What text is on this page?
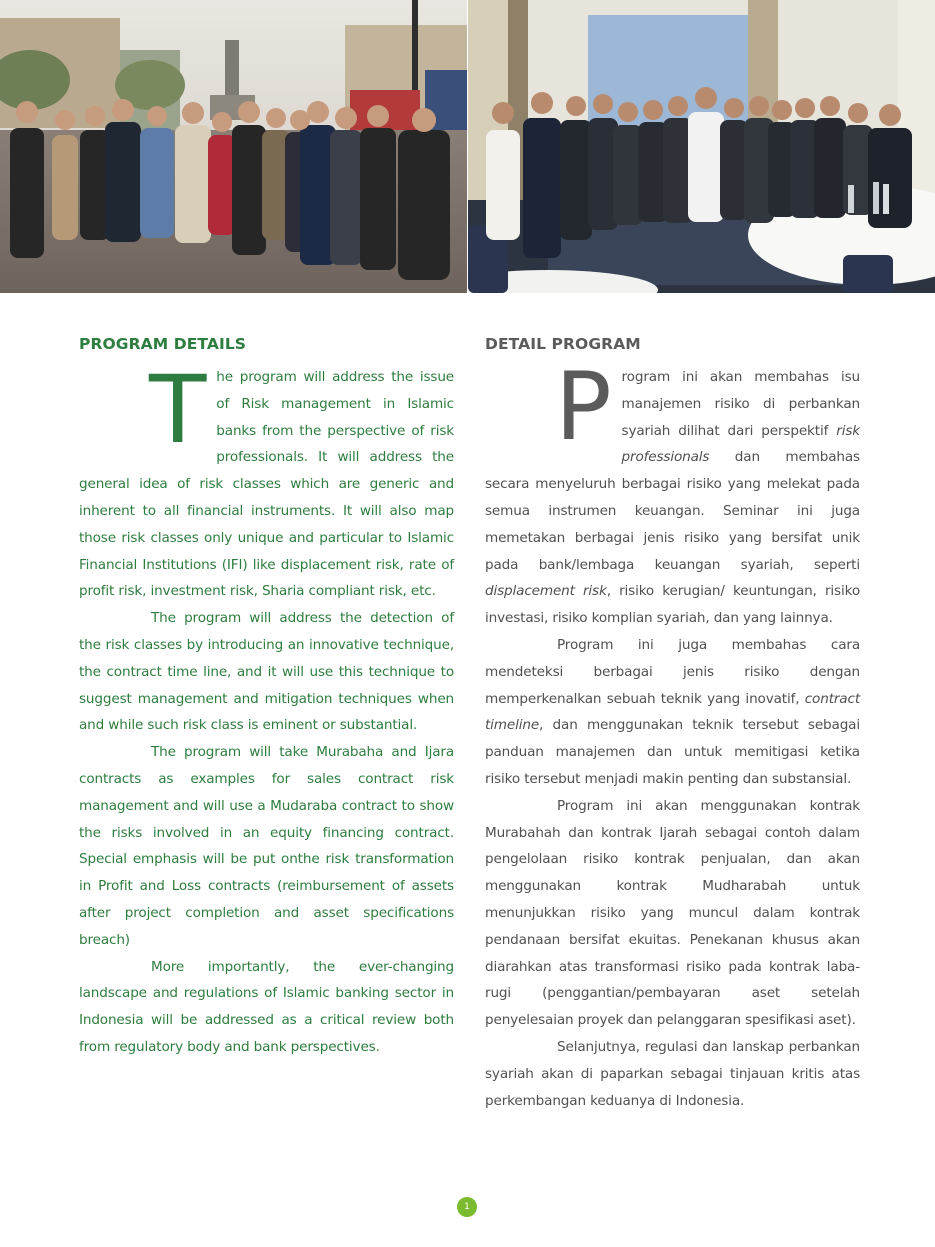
PROGRAM DETAILS

The program will address the issue of Risk management in Islamic banks from the perspective of risk professionals. It will address the general idea of risk classes which are generic and inherent to all financial instruments. It will also map those risk classes only unique and particular to Islamic Financial Institutions (IFI) like displacement risk, rate of profit risk, investment risk, Sharia compliant risk, etc.

The program will address the detection of the risk classes by introducing an innovative technique, the contract time line, and it will use this technique to suggest management and mitigation techniques when and while such risk class is eminent or substantial.

The program will take Murabaha and Ijara contracts as examples for sales contract risk management and will use a Mudaraba contract to show the risks involved in an equity financing contract. Special emphasis will be put onthe risk transformation in Profit and Loss contracts (reimbursement of assets after project completion and asset specifications breach)

More importantly, the ever-changing landscape and regulations of Islamic banking sector in Indonesia will be addressed as a critical review both from regulatory body and bank perspectives.

DETAIL PROGRAM

Program ini akan membahas isu manajemen risiko di perbankan syariah dilihat dari perspektif risk professionals dan membahas secara menyeluruh berbagai risiko yang melekat pada semua instrumen keuangan. Seminar ini juga memetakan berbagai jenis risiko yang bersifat unik pada bank/lembaga keuangan syariah, seperti displacement risk, risiko kerugian/ keuntungan, risiko investasi, risiko komplian syariah, dan yang lainnya.

Program ini juga membahas cara mendeteksi berbagai jenis risiko dengan memperkenalkan sebuah teknik yang inovatif, contract timeline, dan menggunakan teknik tersebut sebagai panduan manajemen dan untuk memitigasi ketika risiko tersebut menjadi makin penting dan substansial.

Program ini akan menggunakan kontrak Murabahah dan kontrak Ijarah sebagai contoh dalam pengelolaan risiko kontrak penjualan, dan akan menggunakan kontrak Mudharabah untuk menunjukkan risiko yang muncul dalam kontrak pendanaan bersifat ekuitas. Penekanan khusus akan diarahkan atas transformasi risiko pada kontrak laba-rugi (penggantian/pembayaran aset setelah penyelesaian proyek dan pelanggaran spesifikasi aset).

Selanjutnya, regulasi dan lanskap perbankan syariah akan di paparkan sebagai tinjauan kritis atas perkembangan keduanya di Indonesia.

1
